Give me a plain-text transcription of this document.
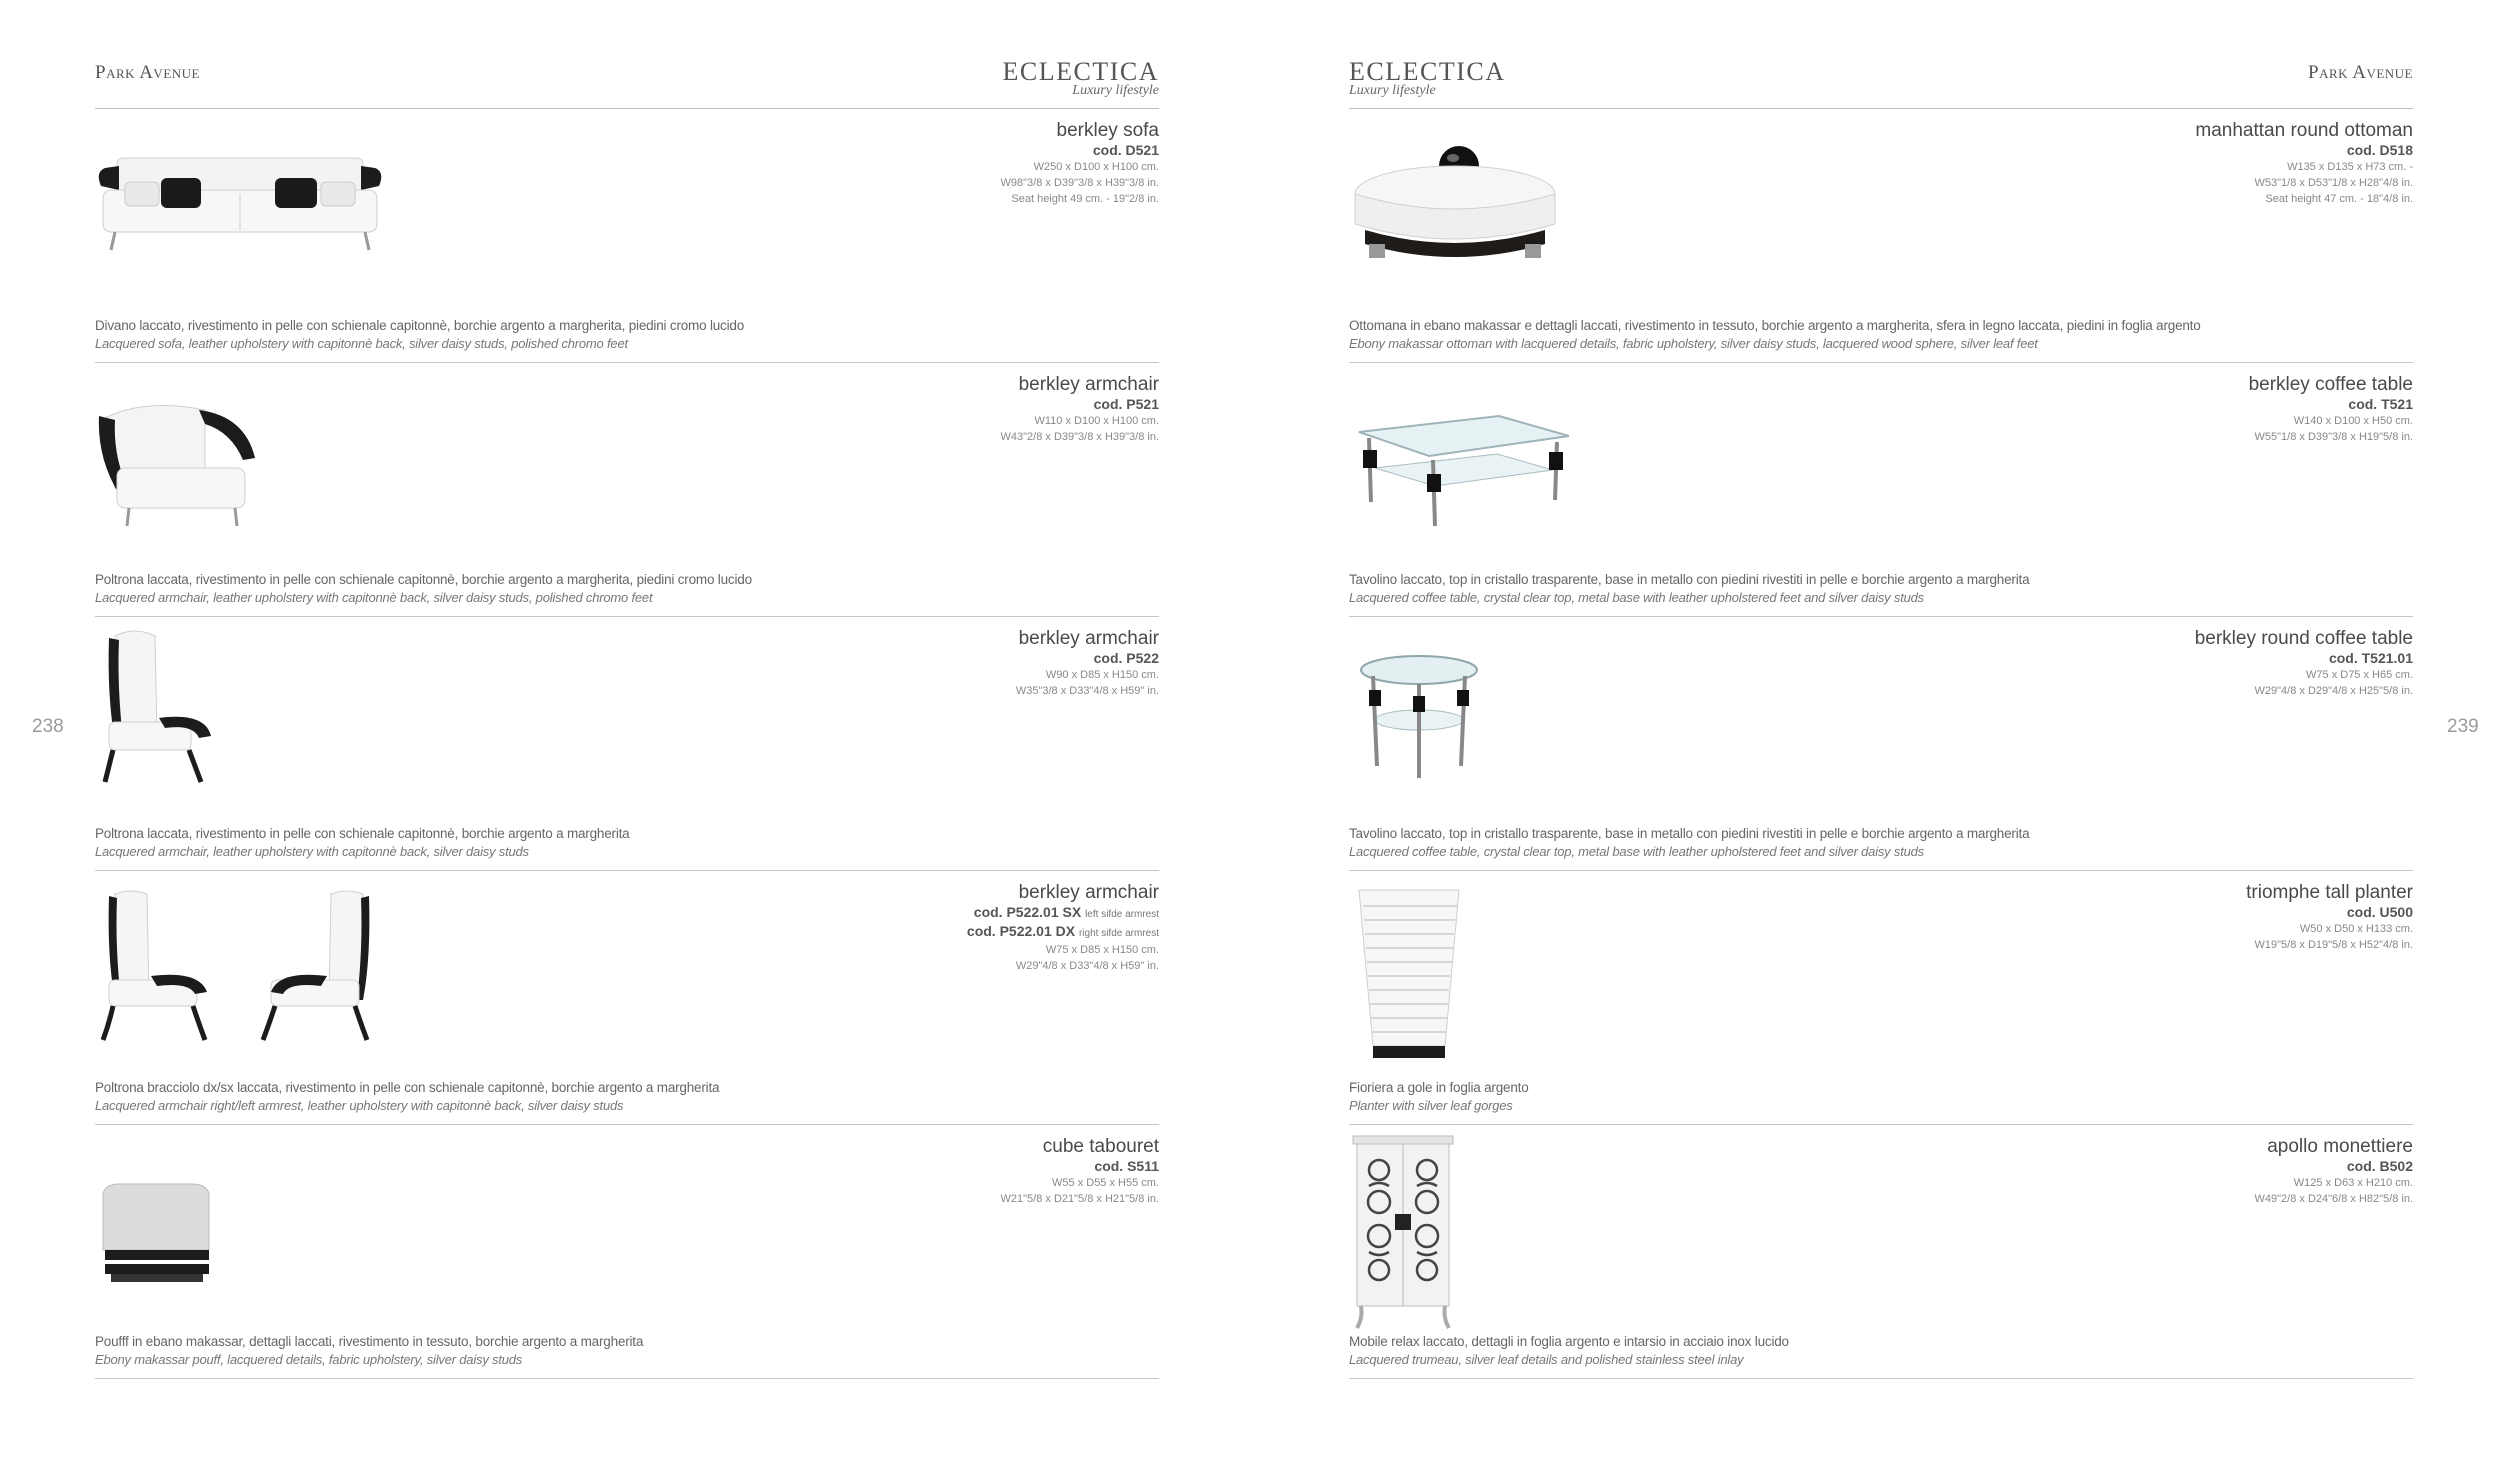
238	239
Park Avenue	ECLECTICA
Luxury lifestyle
berkley sofa
cod. D521
W250 x D100 x H100 cm.
W98"3/8 x D39"3/8 x H39"3/8 in.
Seat height 49 cm. - 19"2/8 in.
Divano laccato, rivestimento in pelle con schienale capitonnè, borchie argento a margherita, piedini cromo lucido
Lacquered sofa, leather upholstery with capitonnè back, silver daisy studs, polished chromo feet
berkley armchair
cod. P521
W110 x D100 x H100 cm.
W43"2/8 x D39"3/8 x H39"3/8 in.
Poltrona laccata, rivestimento in pelle con schienale capitonnè, borchie argento a margherita, piedini cromo lucido
Lacquered armchair, leather upholstery with capitonnè back, silver daisy studs, polished chromo feet
berkley armchair
cod. P522
W90 x D85 x H150 cm.
W35"3/8 x D33"4/8 x H59" in.
Poltrona laccata, rivestimento in pelle con schienale capitonnè, borchie argento a margherita
Lacquered armchair, leather upholstery with capitonnè back, silver daisy studs
berkley armchair
cod. P522.01 SX left sifde armrest
cod. P522.01 DX right sifde armrest
W75 x D85 x H150 cm.
W29"4/8 x D33"4/8 x H59" in.
Poltrona bracciolo dx/sx laccata, rivestimento in pelle con schienale capitonnè, borchie argento a margherita
Lacquered armchair right/left armrest, leather upholstery with capitonnè back, silver daisy studs
cube tabouret
cod. S511
W55 x D55 x H55 cm.
W21"5/8 x D21"5/8 x H21"5/8 in.
Poufff in ebano makassar, dettagli laccati, rivestimento in tessuto, borchie argento a margherita
Ebony makassar pouff, lacquered details, fabric upholstery, silver daisy studs
ECLECTICA
Luxury lifestyle
Park Avenue
manhattan round ottoman
cod. D518
W135 x D135 x H73 cm. -
W53"1/8 x D53"1/8 x H28"4/8 in.
Seat height 47 cm. - 18"4/8 in.
Ottomana in ebano makassar e dettagli laccati, rivestimento in tessuto, borchie argento a margherita, sfera in legno laccata, piedini in foglia argento
Ebony makassar ottoman with lacquered details, fabric upholstery, silver daisy studs, lacquered wood sphere, silver leaf feet
berkley coffee table
cod. T521
W140 x D100 x H50 cm.
W55"1/8 x D39"3/8 x H19"5/8 in.
Tavolino laccato, top in cristallo trasparente, base in metallo con piedini rivestiti in pelle e borchie argento a margherita
Lacquered coffee table, crystal clear top, metal base with leather upholstered feet and silver daisy studs
berkley round coffee table
cod. T521.01
W75 x D75 x H65 cm.
W29"4/8 x D29"4/8 x H25"5/8 in.
Tavolino laccato, top in cristallo trasparente, base in metallo con piedini rivestiti in pelle e borchie argento a margherita
Lacquered coffee table, crystal clear top, metal base with leather upholstered feet and silver daisy studs
triomphe tall planter
cod. U500
W50 x D50 x H133 cm.
W19"5/8 x D19"5/8 x H52"4/8 in.
Fioriera a gole in foglia argento
Planter with silver leaf gorges
apollo monettiere
cod. B502
W125 x D63 x H210 cm.
W49"2/8 x D24"6/8 x H82"5/8 in.
Mobile relax laccato, dettagli in foglia argento e intarsio in acciaio inox lucido
Lacquered trumeau, silver leaf details and polished stainless steel inlay
